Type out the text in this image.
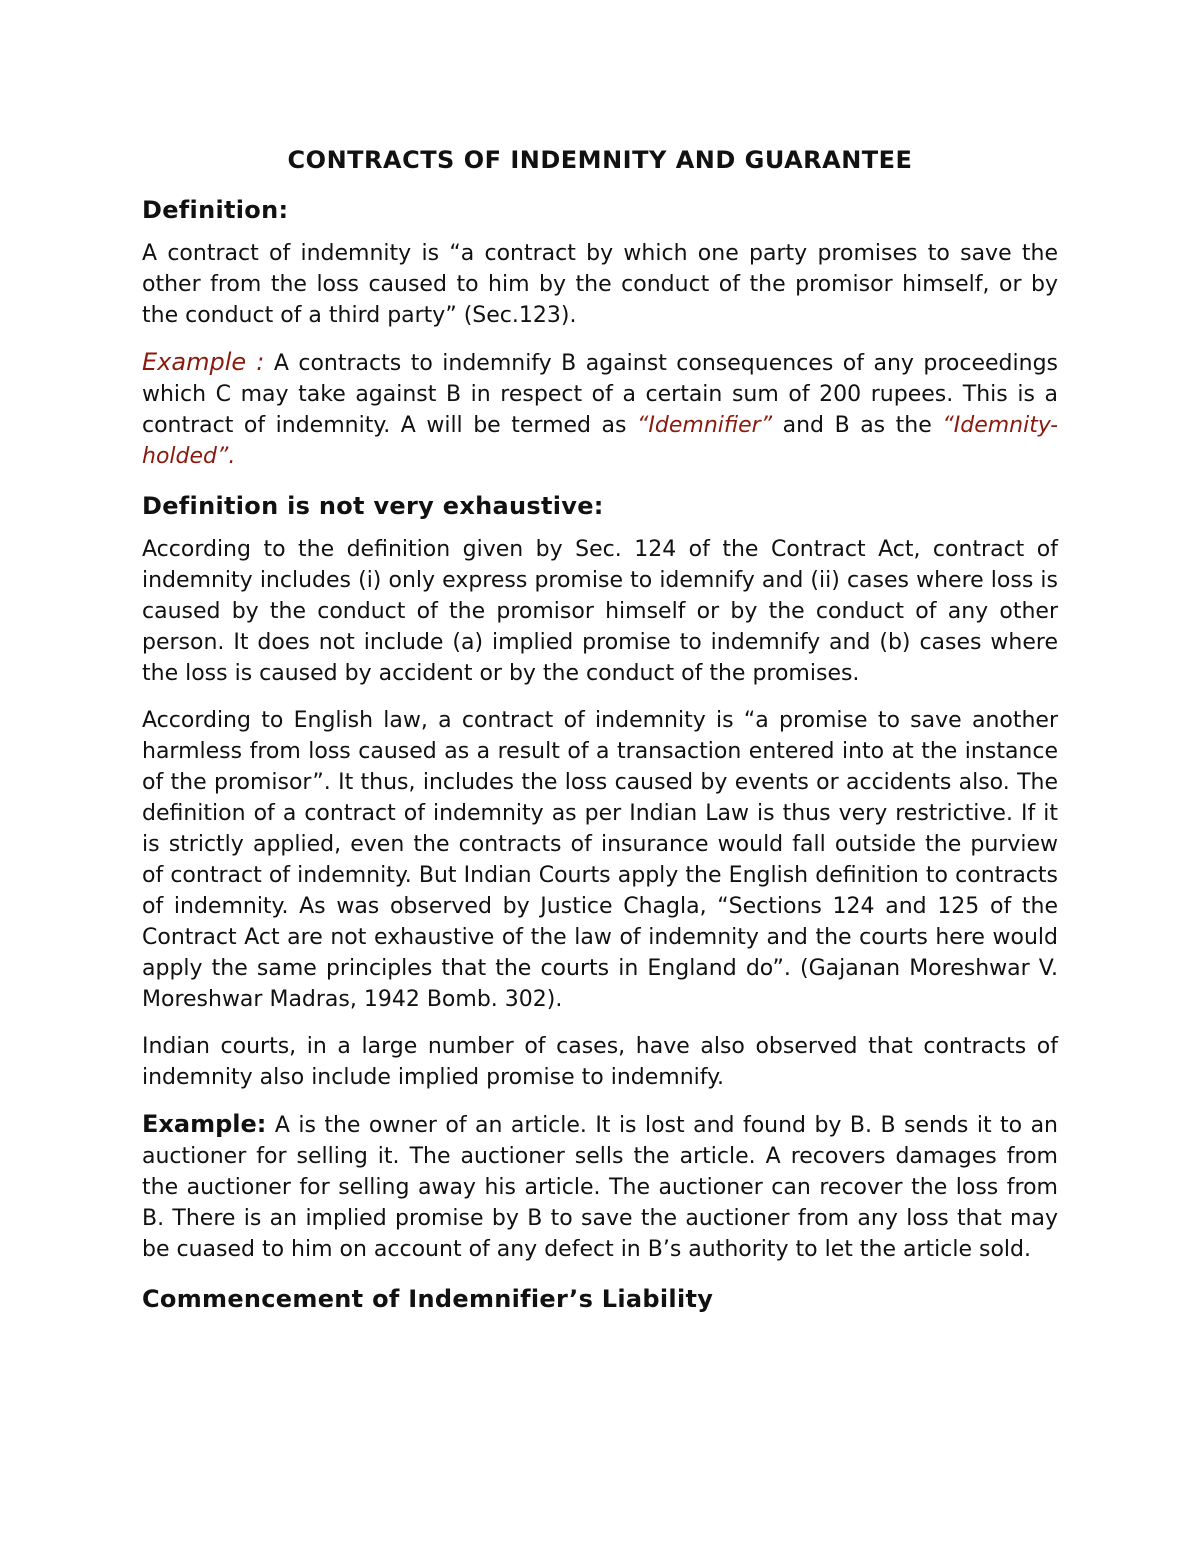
CONTRACTS OF INDEMNITY AND GUARANTEE
Definition:

A contract of indemnity is “a contract by which one party promises to save the other from the loss caused to him by the conduct of the promisor himself, or by the conduct of a third party” (Sec.123).

Example : A contracts to indemnify B against consequences of any proceedings which C may take against B in respect of a certain sum of 200 rupees. This is a contract of indemnity. A will be termed as “Idemnifier” and B as the “Idemnity-holded”.

Definition is not very exhaustive:

According to the definition given by Sec. 124 of the Contract Act, contract of indemnity includes (i) only express promise to idemnify and (ii) cases where loss is caused by the conduct of the promisor himself or by the conduct of any other person. It does not include (a) implied promise to indemnify and (b) cases where the loss is caused by accident or by the conduct of the promises.

According to English law, a contract of indemnity is “a promise to save another harmless from loss caused as a result of a transaction entered into at the instance of the promisor”. It thus, includes the loss caused by events or accidents also. The definition of a contract of indemnity as per Indian Law is thus very restrictive. If it is strictly applied, even the contracts of insurance would fall outside the purview of contract of indemnity. But Indian Courts apply the English definition to contracts of indemnity. As was observed by Justice Chagla, “Sections 124 and 125 of the Contract Act are not exhaustive of the law of indemnity and the courts here would apply the same principles that the courts in England do”. (Gajanan Moreshwar V. Moreshwar Madras, 1942 Bomb. 302).

Indian courts, in a large number of cases, have also observed that contracts of indemnity also include implied promise to indemnify.

Example: A is the owner of an article. It is lost and found by B. B sends it to an auctioner for selling it. The auctioner sells the article. A recovers damages from the auctioner for selling away his article. The auctioner can recover the loss from B. There is an implied promise by B to save the auctioner from any loss that may be cuased to him on account of any defect in B’s authority to let the article sold.

Commencement of Indemnifier’s Liability
